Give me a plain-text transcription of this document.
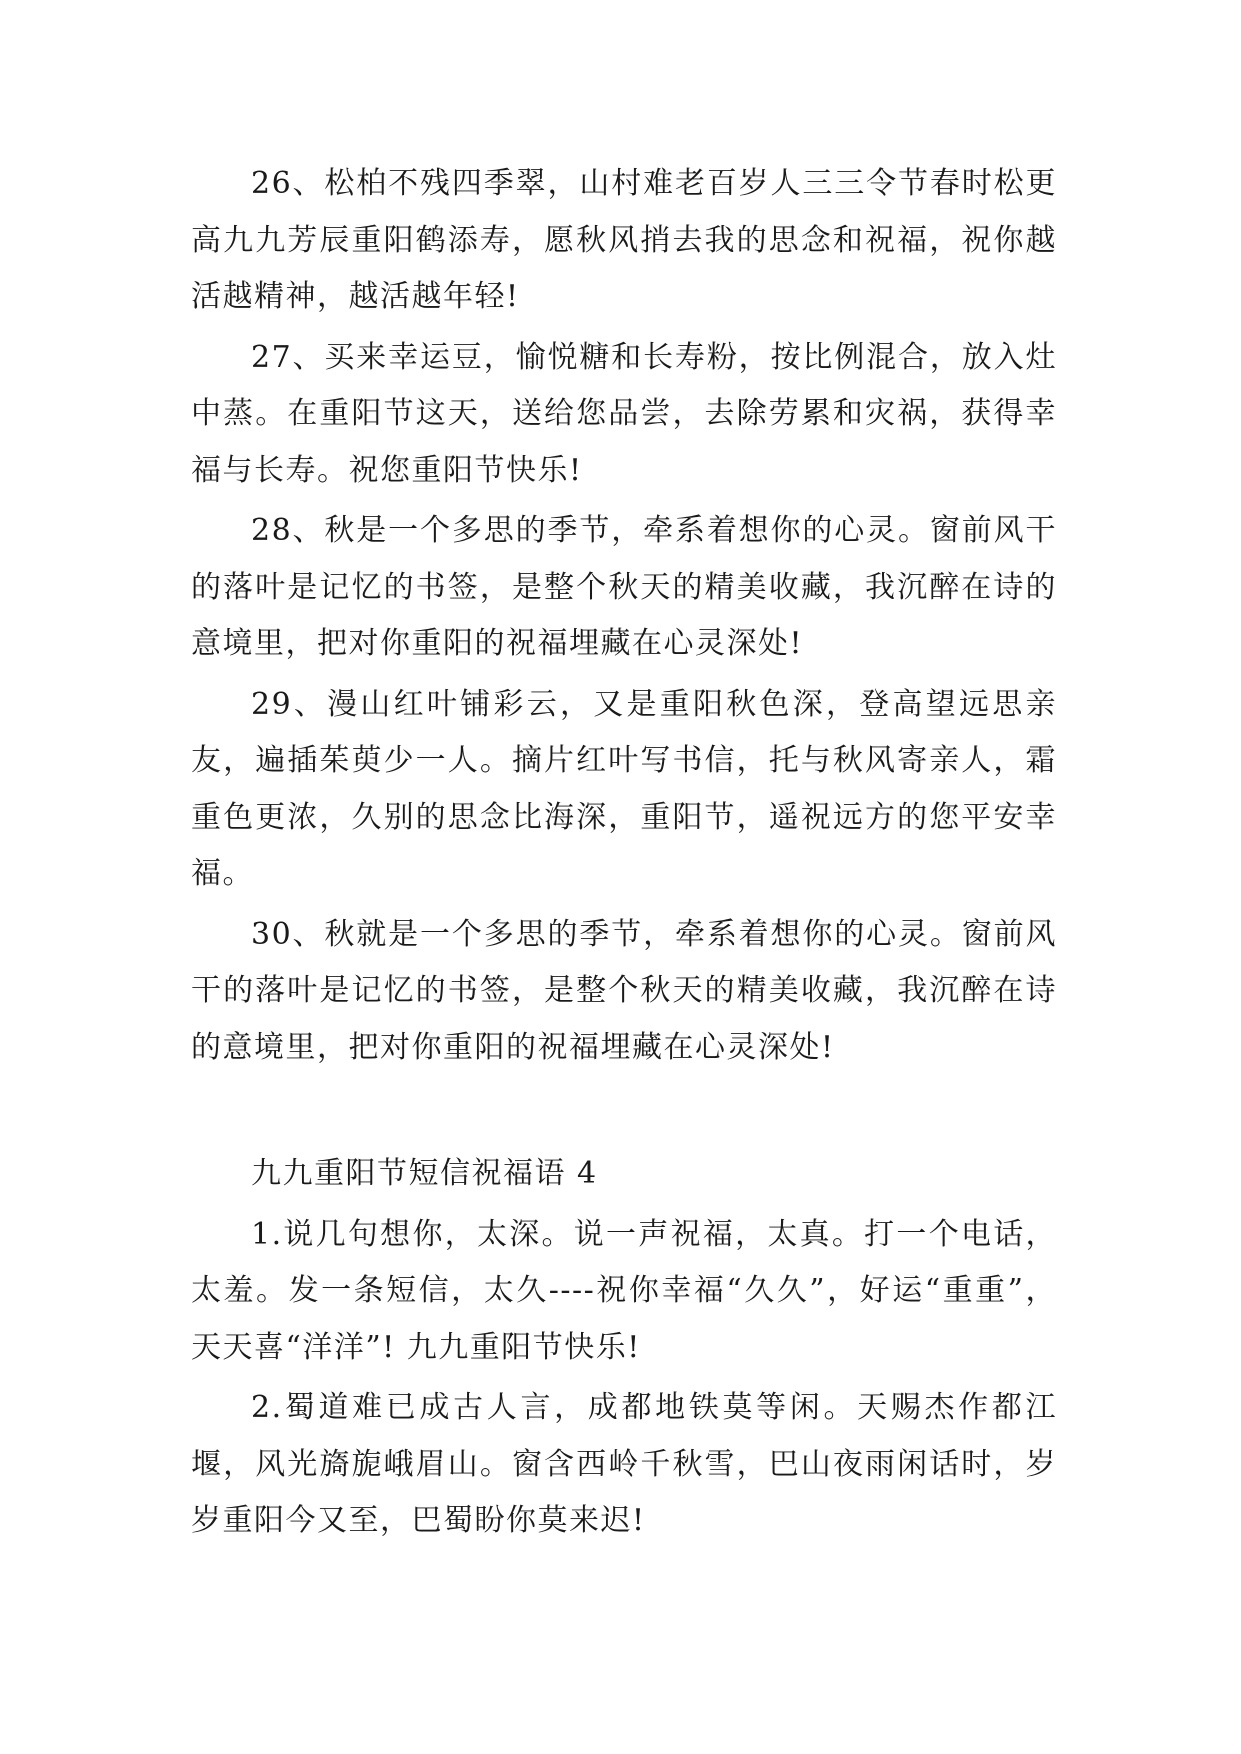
26、松柏不残四季翠，山村难老百岁人三三令节春时松更高九九芳辰重阳鹤添寿，愿秋风捎去我的思念和祝福，祝你越活越精神，越活越年轻!

27、买来幸运豆，愉悦糖和长寿粉，按比例混合，放入灶中蒸。在重阳节这天，送给您品尝，去除劳累和灾祸，获得幸福与长寿。祝您重阳节快乐!

28、秋是一个多思的季节，牵系着想你的心灵。窗前风干的落叶是记忆的书签，是整个秋天的精美收藏，我沉醉在诗的意境里，把对你重阳的祝福埋藏在心灵深处!

29、漫山红叶铺彩云，又是重阳秋色深，登高望远思亲友，遍插茱萸少一人。摘片红叶写书信，托与秋风寄亲人，霜重色更浓，久别的思念比海深，重阳节，遥祝远方的您平安幸福。

30、秋就是一个多思的季节，牵系着想你的心灵。窗前风干的落叶是记忆的书签，是整个秋天的精美收藏，我沉醉在诗的意境里，把对你重阳的祝福埋藏在心灵深处!

九九重阳节短信祝福语 4

1.说几句想你，太深。说一声祝福，太真。打一个电话，太羞。发一条短信，太久----祝你幸福“久久”，好运“重重”，天天喜“洋洋”! 九九重阳节快乐!

2.蜀道难已成古人言，成都地铁莫等闲。天赐杰作都江堰，风光旖旎峨眉山。窗含西岭千秋雪，巴山夜雨闲话时，岁岁重阳今又至，巴蜀盼你莫来迟!
